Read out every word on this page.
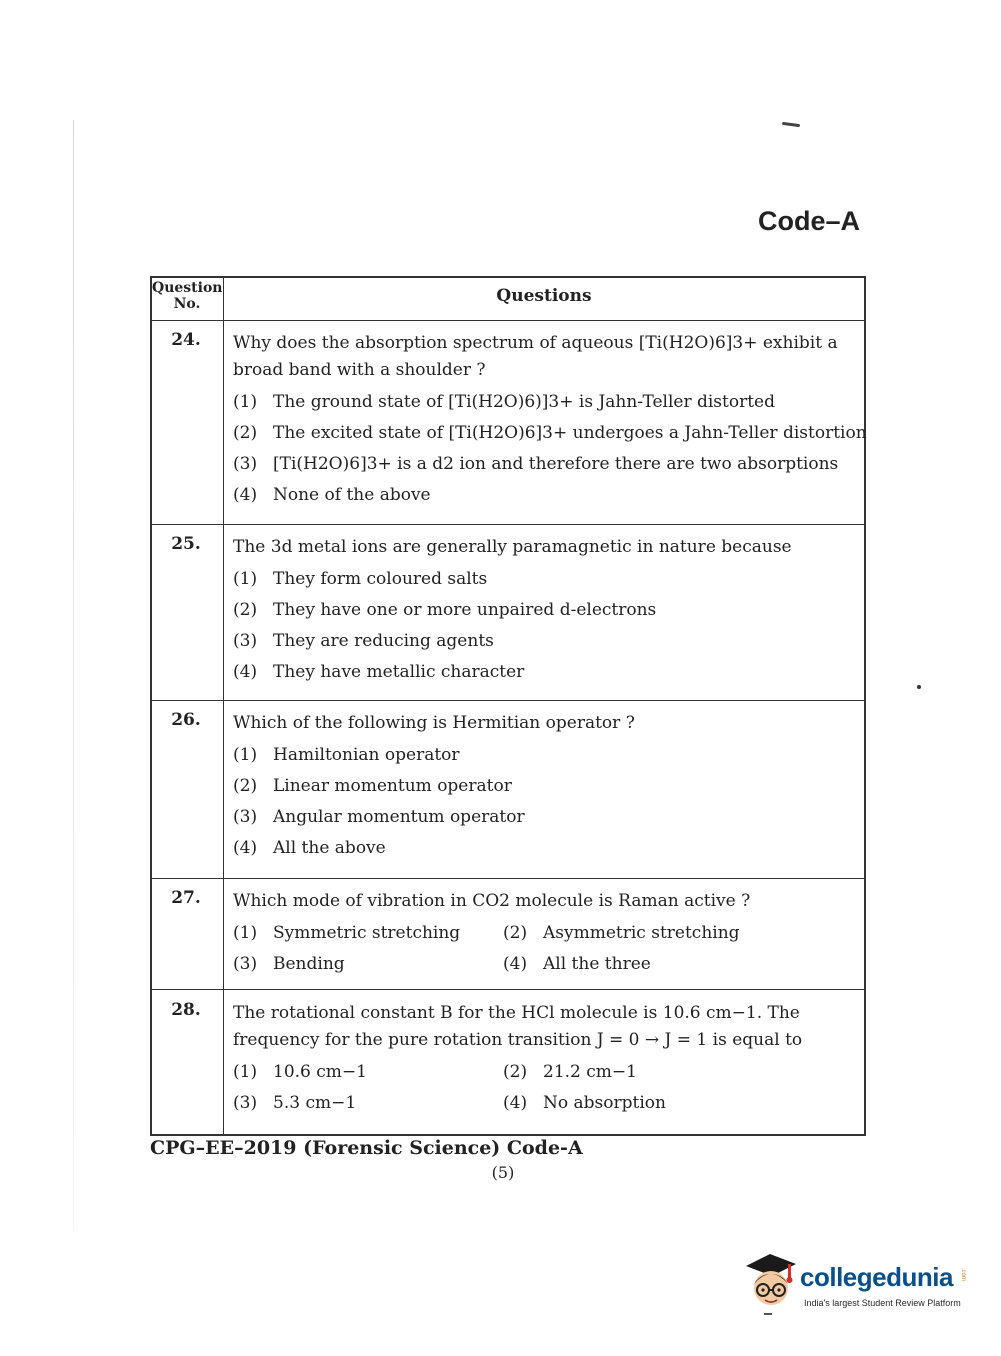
Code–A
Question No.	Questions
24.	Why does the absorption spectrum of aqueous [Ti(H2O)6]3+ exhibit a broad band with a shoulder ?
(1) The ground state of [Ti(H2O)6)]3+ is Jahn-Teller distorted
(2) The excited state of [Ti(H2O)6]3+ undergoes a Jahn-Teller distortion
(3) [Ti(H2O)6]3+ is a d2 ion and therefore there are two absorptions
(4) None of the above
25.	The 3d metal ions are generally paramagnetic in nature because
(1) They form coloured salts
(2) They have one or more unpaired d-electrons
(3) They are reducing agents
(4) They have metallic character
26.	Which of the following is Hermitian operator ?
(1) Hamiltonian operator
(2) Linear momentum operator
(3) Angular momentum operator
(4) All the above
27.	Which mode of vibration in CO2 molecule is Raman active ?
(1) Symmetric stretching	(2) Asymmetric stretching
(3) Bending	(4) All the three
28.	The rotational constant B for the HCl molecule is 10.6 cm−1. The frequency for the pure rotation transition J = 0 → J = 1 is equal to
(1) 10.6 cm−1	(2) 21.2 cm−1
(3) 5.3 cm−1	(4) No absorption
CPG–EE–2019 (Forensic Science) Code-A
(5)
collegedunia .com
India's largest Student Review Platform
